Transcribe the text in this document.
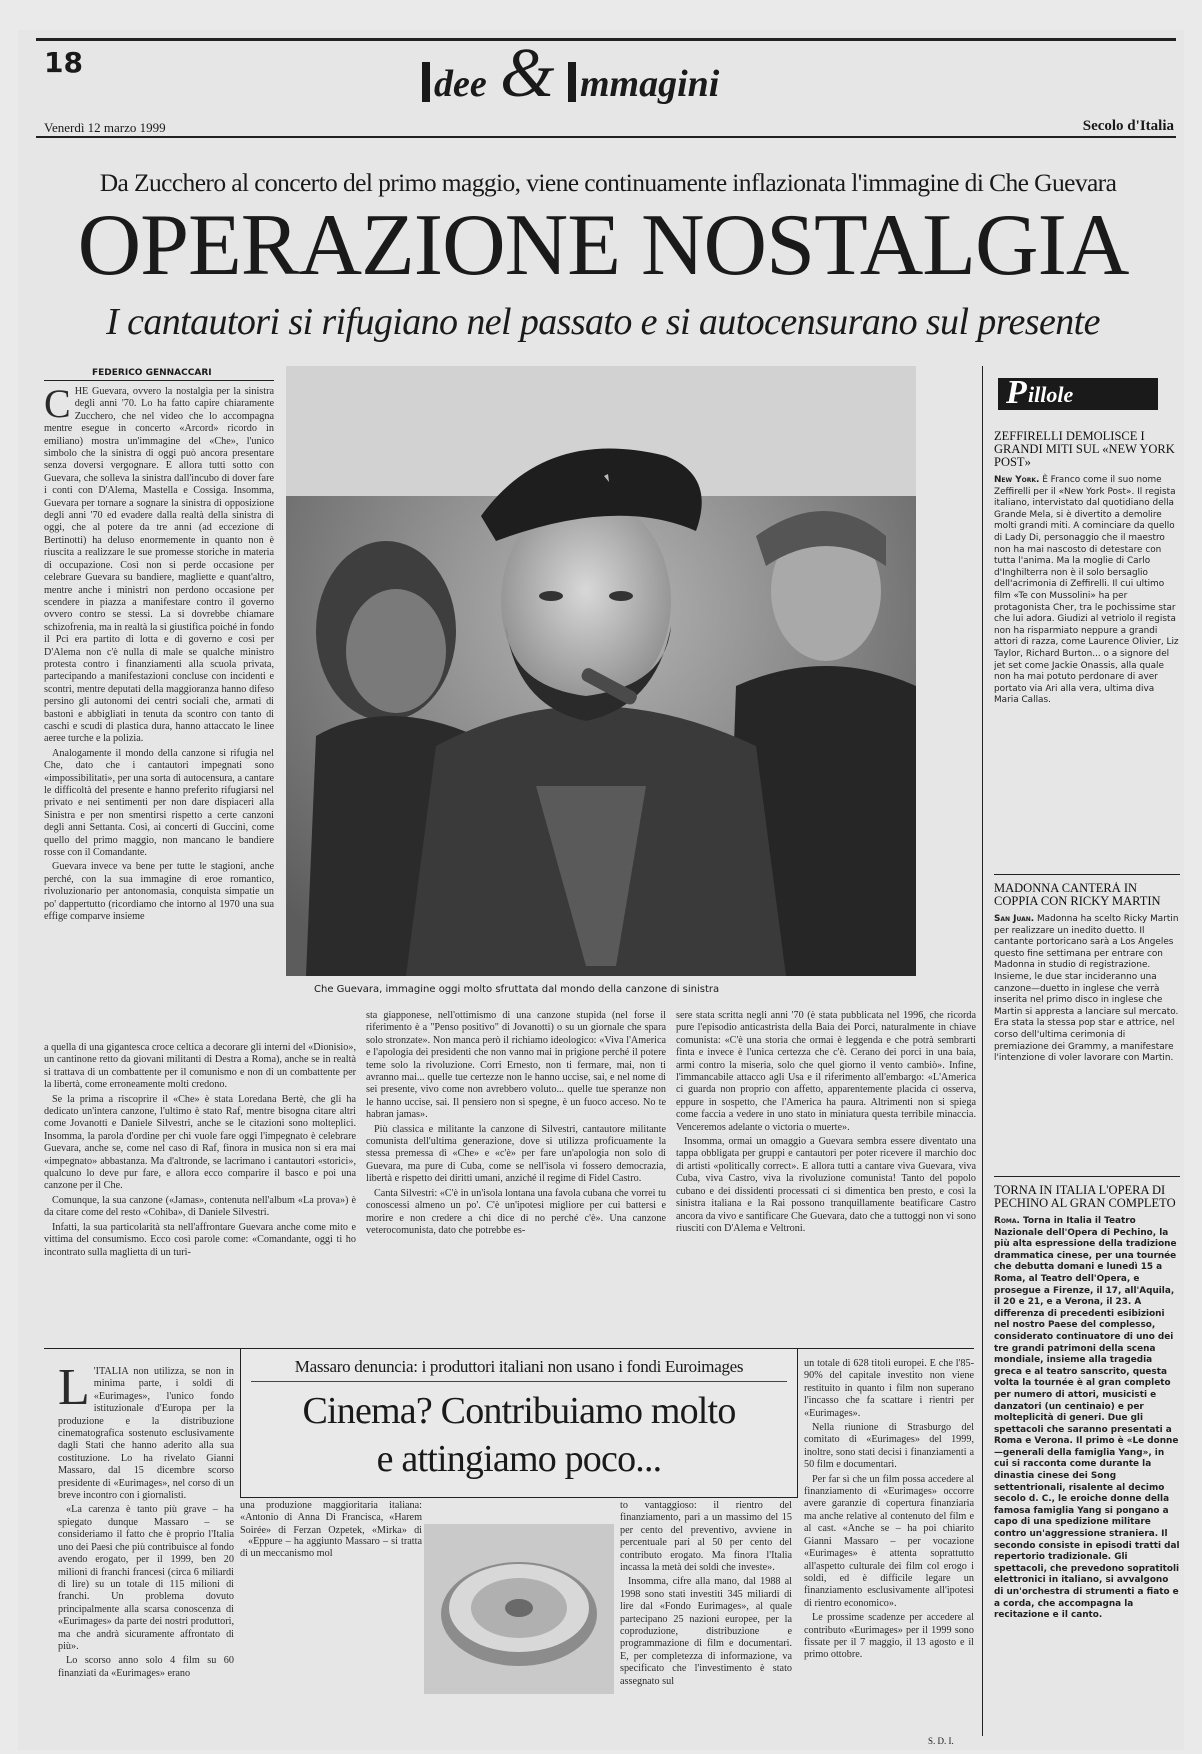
18
dee & mmagini
Venerdì 12 marzo 1999	Secolo d'Italia
Da Zucchero al concerto del primo maggio, viene continuamente inflazionata l'immagine di Che Guevara
OPERAZIONE NOSTALGIA
I cantautori si rifugiano nel passato e si autocensurano sul presente
FEDERICO GENNACCARI
C HE Guevara, ovvero la nostalgia per la sinistra degli anni '70. Lo ha fatto capire chiaramente Zucchero, che nel video che lo accompagna mentre esegue in concerto «Arcord» ricordo in emiliano) mostra un'immagine del «Che», l'unico simbolo che la sinistra di oggi può ancora presentare senza doversi vergognare. E allora tutti sotto con Guevara, che solleva la sinistra dall'incubo di dover fare i conti con D'Alema, Mastella e Cossiga. Insomma, Guevara per tornare a sognare la sinistra di opposizione degli anni '70 ed evadere dalla realtà della sinistra di oggi, che al potere da tre anni (ad eccezione di Bertinotti) ha deluso enormemente in quanto non è riuscita a realizzare le sue promesse storiche in materia di occupazione. Così non si perde occasione per celebrare Guevara su bandiere, magliette e quant'altro, mentre anche i ministri non perdono occasione per scendere in piazza a manifestare contro il governo ovvero contro se stessi. La si dovrebbe chiamare schizofrenia, ma in realtà la si giustifica poiché in fondo il Pci era partito di lotta e di governo e così per D'Alema non c'è nulla di male se qualche ministro protesta contro i finanziamenti alla scuola privata, partecipando a manifestazioni concluse con incidenti e scontri, mentre deputati della maggioranza hanno difeso persino gli autonomi dei centri sociali che, armati di bastoni e abbigliati in tenuta da scontro con tanto di caschi e scudi di plastica dura, hanno attaccato le linee aeree turche e la polizia.

Analogamente il mondo della canzone si rifugia nel Che, dato che i cantautori impegnati sono «impossibilitati», per una sorta di autocensura, a cantare le difficoltà del presente e hanno preferito rifugiarsi nel privato e nei sentimenti per non dare dispiaceri alla Sinistra e per non smentirsi rispetto a certe canzoni degli anni Settanta. Così, ai concerti di Guccini, come quello del primo maggio, non mancano le bandiere rosse con il Comandante.

Guevara invece va bene per tutte le stagioni, anche perché, con la sua immagine di eroe romantico, rivoluzionario per antonomasia, conquista simpatie un po' dappertutto (ricordiamo che intorno al 1970 una sua effige comparve insieme

Che Guevara, immagine oggi molto sfruttata dal mondo della canzone di sinistra

a quella di una gigantesca croce celtica a decorare gli interni del «Dionisio», un cantinone retto da giovani militanti di Destra a Roma), anche se in realtà si trattava di un combattente per il comunismo e non di un combattente per la libertà, come erroneamente molti credono.

Se la prima a riscoprire il «Che» è stata Loredana Bertè, che gli ha dedicato un'intera canzone, l'ultimo è stato Raf, mentre bisogna citare altri come Jovanotti e Daniele Silvestri, anche se le citazioni sono molteplici. Insomma, la parola d'ordine per chi vuole fare oggi l'impegnato è celebrare Guevara, anche se, come nel caso di Raf, finora in musica non si era mai «impegnato» abbastanza. Ma d'altronde, se lacrimano i cantautori «storici», qualcuno lo deve pur fare, e allora ecco comparire il basco e poi una canzone per il Che.

Comunque, la sua canzone («Jamas», contenuta nell'album «La prova») è da citare come del resto «Cohiba», di Daniele Silvestri.

Infatti, la sua particolarità sta nell'affrontare Guevara anche come mito e vittima del consumismo. Ecco così parole come: «Comandante, oggi ti ho incontrato sulla maglietta di un turi-

sta giapponese, nell'ottimismo di una canzone stupida (nel forse il riferimento è a "Penso positivo" di Jovanotti) o su un giornale che spara solo stronzate». Non manca però il richiamo ideologico: «Viva l'America e l'apologia dei presidenti che non vanno mai in prigione perché il potere teme solo la rivoluzione. Corri Ernesto, non ti fermare, mai, non ti avranno mai... quelle tue certezze non le hanno uccise, sai, e nel nome di sei presente, vivo come non avrebbero voluto... quelle tue speranze non le hanno uccise, sai. Il pensiero non si spegne, è un fuoco acceso. No te habran jamas».

Più classica e militante la canzone di Silvestri, cantautore militante comunista dell'ultima generazione, dove si utilizza proficuamente la stessa premessa di «Che» e «c'è» per fare un'apologia non solo di Guevara, ma pure di Cuba, come se nell'isola vi fossero democrazia, libertà e rispetto dei diritti umani, anziché il regime di Fidel Castro.

Canta Silvestri: «C'è in un'isola lontana una favola cubana che vorrei tu conoscessi almeno un po'. C'è un'ipotesi migliore per cui battersi e morire e non credere a chi dice di no perché c'è». Una canzone veterocomunista, dato che potrebbe es-

sere stata scritta negli anni '70 (è stata pubblicata nel 1996, che ricorda pure l'episodio anticastrista della Baia dei Porci, naturalmente in chiave comunista: «C'è una storia che ormai è leggenda e che potrà sembrarti finta e invece è l'unica certezza che c'è. Cerano dei porci in una baia, armi contro la miseria, solo che quel giorno il vento cambiò». Infine, l'immancabile attacco agli Usa e il riferimento all'embargo: «L'America ci guarda non proprio con affetto, apparentemente placida ci osserva, eppure in sospetto, che l'America ha paura. Altrimenti non si spiega come faccia a vedere in uno stato in miniatura questa terribile minaccia. Venceremos adelante o victoria o muerte».

Insomma, ormai un omaggio a Guevara sembra essere diventato una tappa obbligata per gruppi e cantautori per poter ricevere il marchio doc di artisti «politically correct». E allora tutti a cantare viva Guevara, viva Cuba, viva Castro, viva la rivoluzione comunista! Tanto del popolo cubano e dei dissidenti processati ci si dimentica ben presto, e così la sinistra italiana e la Rai possono tranquillamente beatificare Castro ancora da vivo e santificare Che Guevara, dato che a tuttoggi non vi sono riusciti con D'Alema e Veltroni.

P illole
ZEFFIRELLI DEMOLISCE I GRANDI MITI SUL «NEW YORK POST»

New York. È Franco come il suo nome Zeffirelli per il «New York Post». Il regista italiano, intervistato dal quotidiano della Grande Mela, si è divertito a demolire molti grandi miti. A cominciare da quello di Lady Di, personaggio che il maestro non ha mai nascosto di detestare con tutta l'anima. Ma la moglie di Carlo d'Inghilterra non è il solo bersaglio dell'acrimonia di Zeffirelli. Il cui ultimo film «Te con Mussolini» ha per protagonista Cher, tra le pochissime star che lui adora. Giudizi al vetriolo il regista non ha risparmiato neppure a grandi attori di razza, come Laurence Olivier, Liz Taylor, Richard Burton... o a signore del jet set come Jackie Onassis, alla quale non ha mai potuto perdonare di aver portato via Ari alla vera, ultima diva Maria Callas.

MADONNA CANTERÀ IN COPPIA CON RICKY MARTIN

San Juan. Madonna ha scelto Ricky Martin per realizzare un inedito duetto. Il cantante portoricano sarà a Los Angeles questo fine settimana per entrare con Madonna in studio di registrazione. Insieme, le due star incideranno una canzone—duetto in inglese che verrà inserita nel primo disco in inglese che Martin si appresta a lanciare sul mercato. Era stata la stessa pop star e attrice, nel corso dell'ultima cerimonia di premiazione dei Grammy, a manifestare l'intenzione di voler lavorare con Martin.

TORNA IN ITALIA L'OPERA DI PECHINO AL GRAN COMPLETO

Roma. Torna in Italia il Teatro Nazionale dell'Opera di Pechino, la più alta espressione della tradizione drammatica cinese, per una tournée che debutta domani e lunedì 15 a Roma, al Teatro dell'Opera, e prosegue a Firenze, il 17, all'Aquila, il 20 e 21, e a Verona, il 23. A differenza di precedenti esibizioni nel nostro Paese del complesso, considerato continuatore di uno dei tre grandi patrimoni della scena mondiale, insieme alla tragedia greca e al teatro sanscrito, questa volta la tournée è al gran completo per numero di attori, musicisti e danzatori (un centinaio) e per molteplicità di generi. Due gli spettacoli che saranno presentati a Roma e Verona. Il primo è «Le donne—generali della famiglia Yang», in cui si racconta come durante la dinastia cinese dei Song settentrionali, risalente al decimo secolo d. C., le eroiche donne della famosa famiglia Yang si pongano a capo di una spedizione militare contro un'aggressione straniera. Il secondo consiste in episodi tratti dal repertorio tradizionale. Gli spettacoli, che prevedono sopratitoli elettronici in italiano, si avvalgono di un'orchestra di strumenti a fiato e a corda, che accompagna la recitazione e il canto.

L 'ITALIA non utilizza, se non in minima parte, i soldi di «Eurimages», l'unico fondo istituzionale d'Europa per la produzione e la distribuzione cinematografica sostenuto esclusivamente dagli Stati che hanno aderito alla sua costituzione. Lo ha rivelato Gianni Massaro, dal 15 dicembre scorso presidente di «Eurimages», nel corso di un breve incontro con i giornalisti.

«La carenza è tanto più grave – ha spiegato dunque Massaro – se consideriamo il fatto che è proprio l'Italia uno dei Paesi che più contribuisce al fondo avendo erogato, per il 1999, ben 20 milioni di franchi francesi (circa 6 miliardi di lire) su un totale di 115 milioni di franchi. Un problema dovuto principalmente alla scarsa conoscenza di «Eurimages» da parte dei nostri produttori, ma che andrà sicuramente affrontato di più».

Lo scorso anno solo 4 film su 60 finanziati da «Eurimages» erano

Massaro denuncia: i produttori italiani non usano i fondi Euroimages
Cinema? Contribuiamo molto
e attingiamo poco...

una produzione maggioritaria italiana: «Antonio di Anna Di Francisca, «Harem Soirée» di Ferzan Ozpetek, «Mirka» di

«Eppure – ha aggiunto Massaro – si tratta di un meccanismo mol

to vantaggioso: il rientro del finanziamento, pari a un massimo del 15 per cento del preventivo, avviene in percentuale pari al 50 per cento del contributo erogato. Ma finora l'Italia incassa la metà dei soldi che investe».

Insomma, cifre alla mano, dal 1988 al 1998 sono stati investiti 345 miliardi di lire dal «Fondo Eurimages», al quale partecipano 25 nazioni europee, per la coproduzione, distribuzione e programmazione di film e documentari. E, per completezza di informazione, va specificato che l'investimento è stato assegnato sul

un totale di 628 titoli europei. E che l'85-90% del capitale investito non viene restituito in quanto i film non superano l'incasso che fa scattare i rientri per «Eurimages».

Nella riunione di Strasburgo del comitato di «Eurimages» del 1999, inoltre, sono stati decisi i finanziamenti a 50 film e documentari.

Per far sì che un film possa accedere al finanziamento di «Eurimages» occorre avere garanzie di copertura finanziaria ma anche relative al contenuto del film e al cast. «Anche se – ha poi chiarito Gianni Massaro – per vocazione «Eurimages» è attenta soprattutto all'aspetto culturale dei film col erogo i soldi, ed è difficile legare un finanziamento esclusivamente all'ipotesi di rientro economico».

Le prossime scadenze per accedere al contributo «Eurimages» per il 1999 sono fissate per il 7 maggio, il 13 agosto e il primo ottobre.

S. D. I.
